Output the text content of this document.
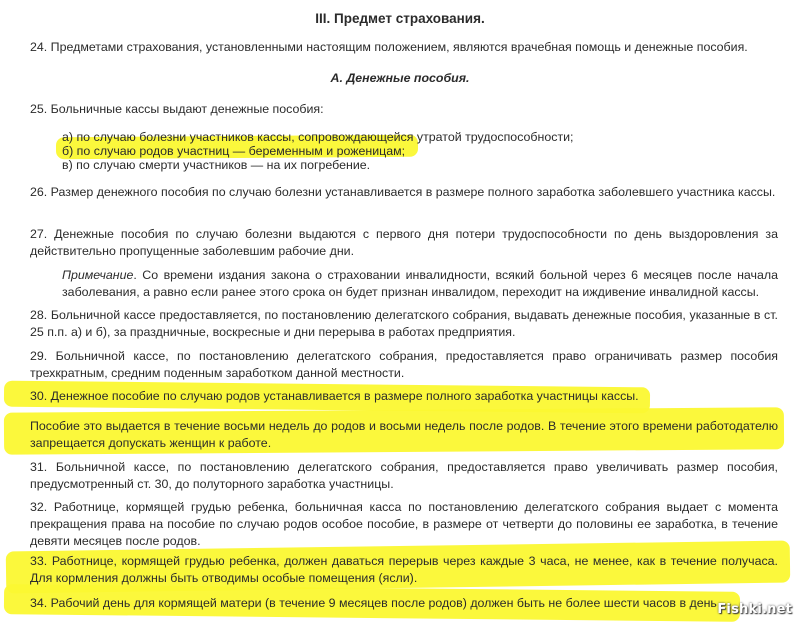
III. Предмет страхования.
24. Предметами страхования, установленными настоящим положением, являются врачебная помощь и денежные пособия.
А. Денежные пособия.
25. Больничные кассы выдают денежные пособия:
а) по случаю болезни участников кассы, сопровождающейся утратой трудоспособности;
б) по случаю родов участниц — беременным и роженицам;
в) по случаю смерти участников — на их погребение.
26. Размер денежного пособия по случаю болезни устанавливается в размере полного заработка заболевшего участника кассы.
27. Денежные пособия по случаю болезни выдаются с первого дня потери трудоспособности по день выздоровления за действительно пропущенные заболевшим рабочие дни.
Примечание. Со времени издания закона о страховании инвалидности, всякий больной через 6 месяцев после начала заболевания, а равно если ранее этого срока он будет признан инвалидом, переходит на иждивение инвалидной кассы.
28. Больничной кассе предоставляется, по постановлению делегатского собрания, выдавать денежные пособия, указанные в ст. 25 п.п. а) и б), за праздничные, воскресные и дни перерыва в работах предприятия.
29. Больничной кассе, по постановлению делегатского собрания, предоставляется право ограничивать размер пособия трехкратным, средним поденным заработком данной местности.
30. Денежное пособие по случаю родов устанавливается в размере полного заработка участницы кассы.
Пособие это выдается в течение восьми недель до родов и восьми недель после родов. В течение этого времени работодателю запрещается допускать женщин к работе.
31. Больничной кассе, по постановлению делегатского собрания, предоставляется право увеличивать размер пособия, предусмотренный ст. 30, до полуторного заработка участницы.
32. Работнице, кормящей грудью ребенка, больничная касса по постановлению делегатского собрания выдает с момента прекращения права на пособие по случаю родов особое пособие, в размере от четверти до половины ее заработка, в течение девяти месяцев после родов.
33. Работнице, кормящей грудью ребенка, должен даваться перерыв через каждые 3 часа, не менее, как в течение получаса. Для кормления должны быть отводимы особые помещения (ясли).
34. Рабочий день для кормящей матери (в течение 9 месяцев после родов) должен быть не более шести часов в день Fishki.net
